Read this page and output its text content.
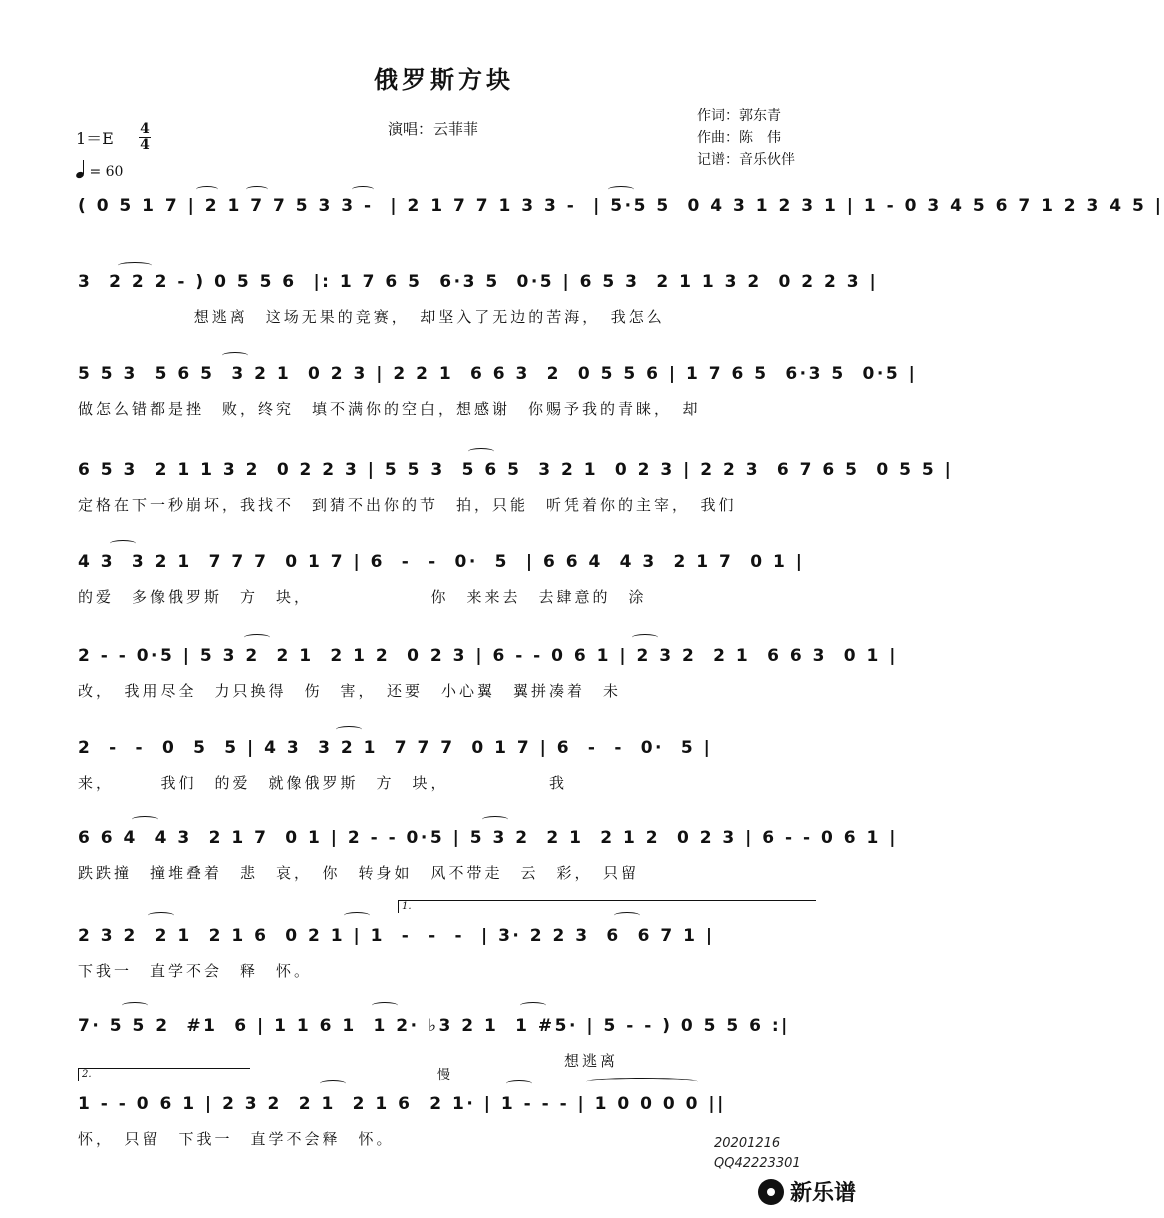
俄罗斯方块
演唱：云菲菲
作词：郭东青
作曲：陈　伟
记谱：音乐伙伴
1＝E 4
4
= 60
( 0 5 1 7 | 2 1 7 7 5 3 3 -  | 2 1 7 7 1 3 3 -  | 5·5 5  0 4 3 1 2 3 1 | 1 - 0 3 4 5 6 7 1 2 3 4 5 |
3  2 2 2 - ) 0 5 5 6  |: 1 7 6 5  6·3 5  0·5 | 6 5 3  2 1 1 3 2  0 2 2 3 |
　　　　　　 想逃离　这场无果的竞赛，　却坚入了无边的苦海，　我怎么
5 5 3  5 6 5  3 2 1  0 2 3 | 2 2 1  6 6 3  2  0 5 5 6 | 1 7 6 5  6·3 5  0·5 |
做怎么错都是挫　败，终究　填不满你的空白，想感谢　你赐予我的青睐，　却
6 5 3  2 1 1 3 2  0 2 2 3 | 5 5 3  5 6 5  3 2 1  0 2 3 | 2 2 3  6 7 6 5  0 5 5 |
定格在下一秒崩坏，我找不　到猜不出你的节　拍，只能　听凭着你的主宰，　我们
4 3  3 2 1  7 7 7  0 1 7 | 6  -  -  0·  5  | 6 6 4  4 3  2 1 7  0 1 |
的爱　多像俄罗斯　方　块，　　　　　　　你　来来去　去肆意的　涂
2 - - 0·5 | 5 3 2  2 1  2 1 2  0 2 3 | 6 - - 0 6 1 | 2 3 2  2 1  6 6 3  0 1 |
改，　我用尽全　力只换得　伤　害，　还要　小心翼　翼拼凑着　未
2  -  -  0  5  5 | 4 3  3 2 1  7 7 7  0 1 7 | 6  -  -  0·  5 |
来，　　　我们　的爱　就像俄罗斯　方　块，　　　　　　我
6 6 4  4 3  2 1 7  0 1 | 2 - - 0·5 | 5 3 2  2 1  2 1 2  0 2 3 | 6 - - 0 6 1 |
跌跌撞　撞堆叠着　悲　哀，　你　转身如　风不带走　云　彩，　只留
2 3 2  2 1  2 1 6  0 2 1 | 1  -  -  -  | 3· 2 2 3  6  6 7 1 |
下我一　直学不会　释　怀。
7· 5 5 2  #1  6 | 1 1 6 1  1 2· ♭3 2 1  1 #5· | 5 - - ) 0 5 5 6 :|
　　　　　　　　　　　　　　　　　　　　　　　　　　　想逃离
1 - - 0 6 1 | 2 3 2  2 1  2 1 6  2 1· | 1 - - - | 1 0 0 0 0 ||
怀，　只留　下我一　直学不会释　怀。
1.
2.	慢
20201216
QQ42223301
新乐谱
